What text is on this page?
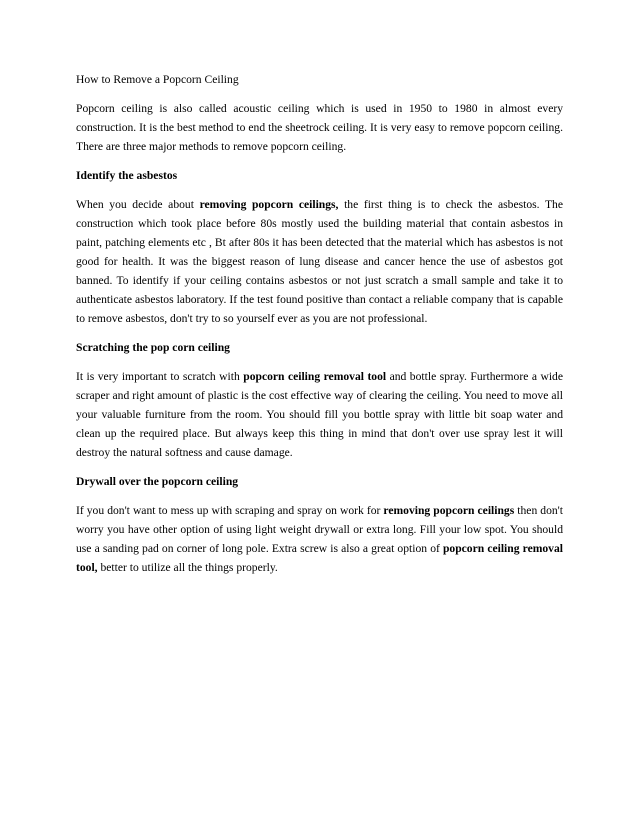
How to Remove a Popcorn Ceiling

Popcorn ceiling is also called acoustic ceiling which is used in 1950 to 1980 in almost every construction. It is the best method to end the sheetrock ceiling. It is very easy to remove popcorn ceiling. There are three major methods to remove popcorn ceiling.

Identify the asbestos

When you decide about removing popcorn ceilings, the first thing is to check the asbestos. The construction which took place before 80s mostly used the building material that contain asbestos in paint, patching elements etc , Bt after 80s it has been detected that the material which has asbestos is not good for health. It was the biggest reason of lung disease and cancer hence the use of asbestos got banned. To identify if your ceiling contains asbestos or not just scratch a small sample and take it to authenticate asbestos laboratory. If the test found positive than contact a reliable company that is capable to remove asbestos, don't try to so yourself ever as you are not professional.

Scratching the pop corn ceiling

It is very important to scratch with popcorn ceiling removal tool and bottle spray. Furthermore a wide scraper and right amount of plastic is the cost effective way of clearing the ceiling. You need to move all your valuable furniture from the room. You should fill you bottle spray with little bit soap water and clean up the required place. But always keep this thing in mind that don't over use spray lest it will destroy the natural softness and cause damage.

Drywall over the popcorn ceiling

If you don't want to mess up with scraping and spray on work for removing popcorn ceilings then don't worry you have other option of using light weight drywall or extra long. Fill your low spot. You should use a sanding pad on corner of long pole. Extra screw is also a great option of popcorn ceiling removal tool, better to utilize all the things properly.
